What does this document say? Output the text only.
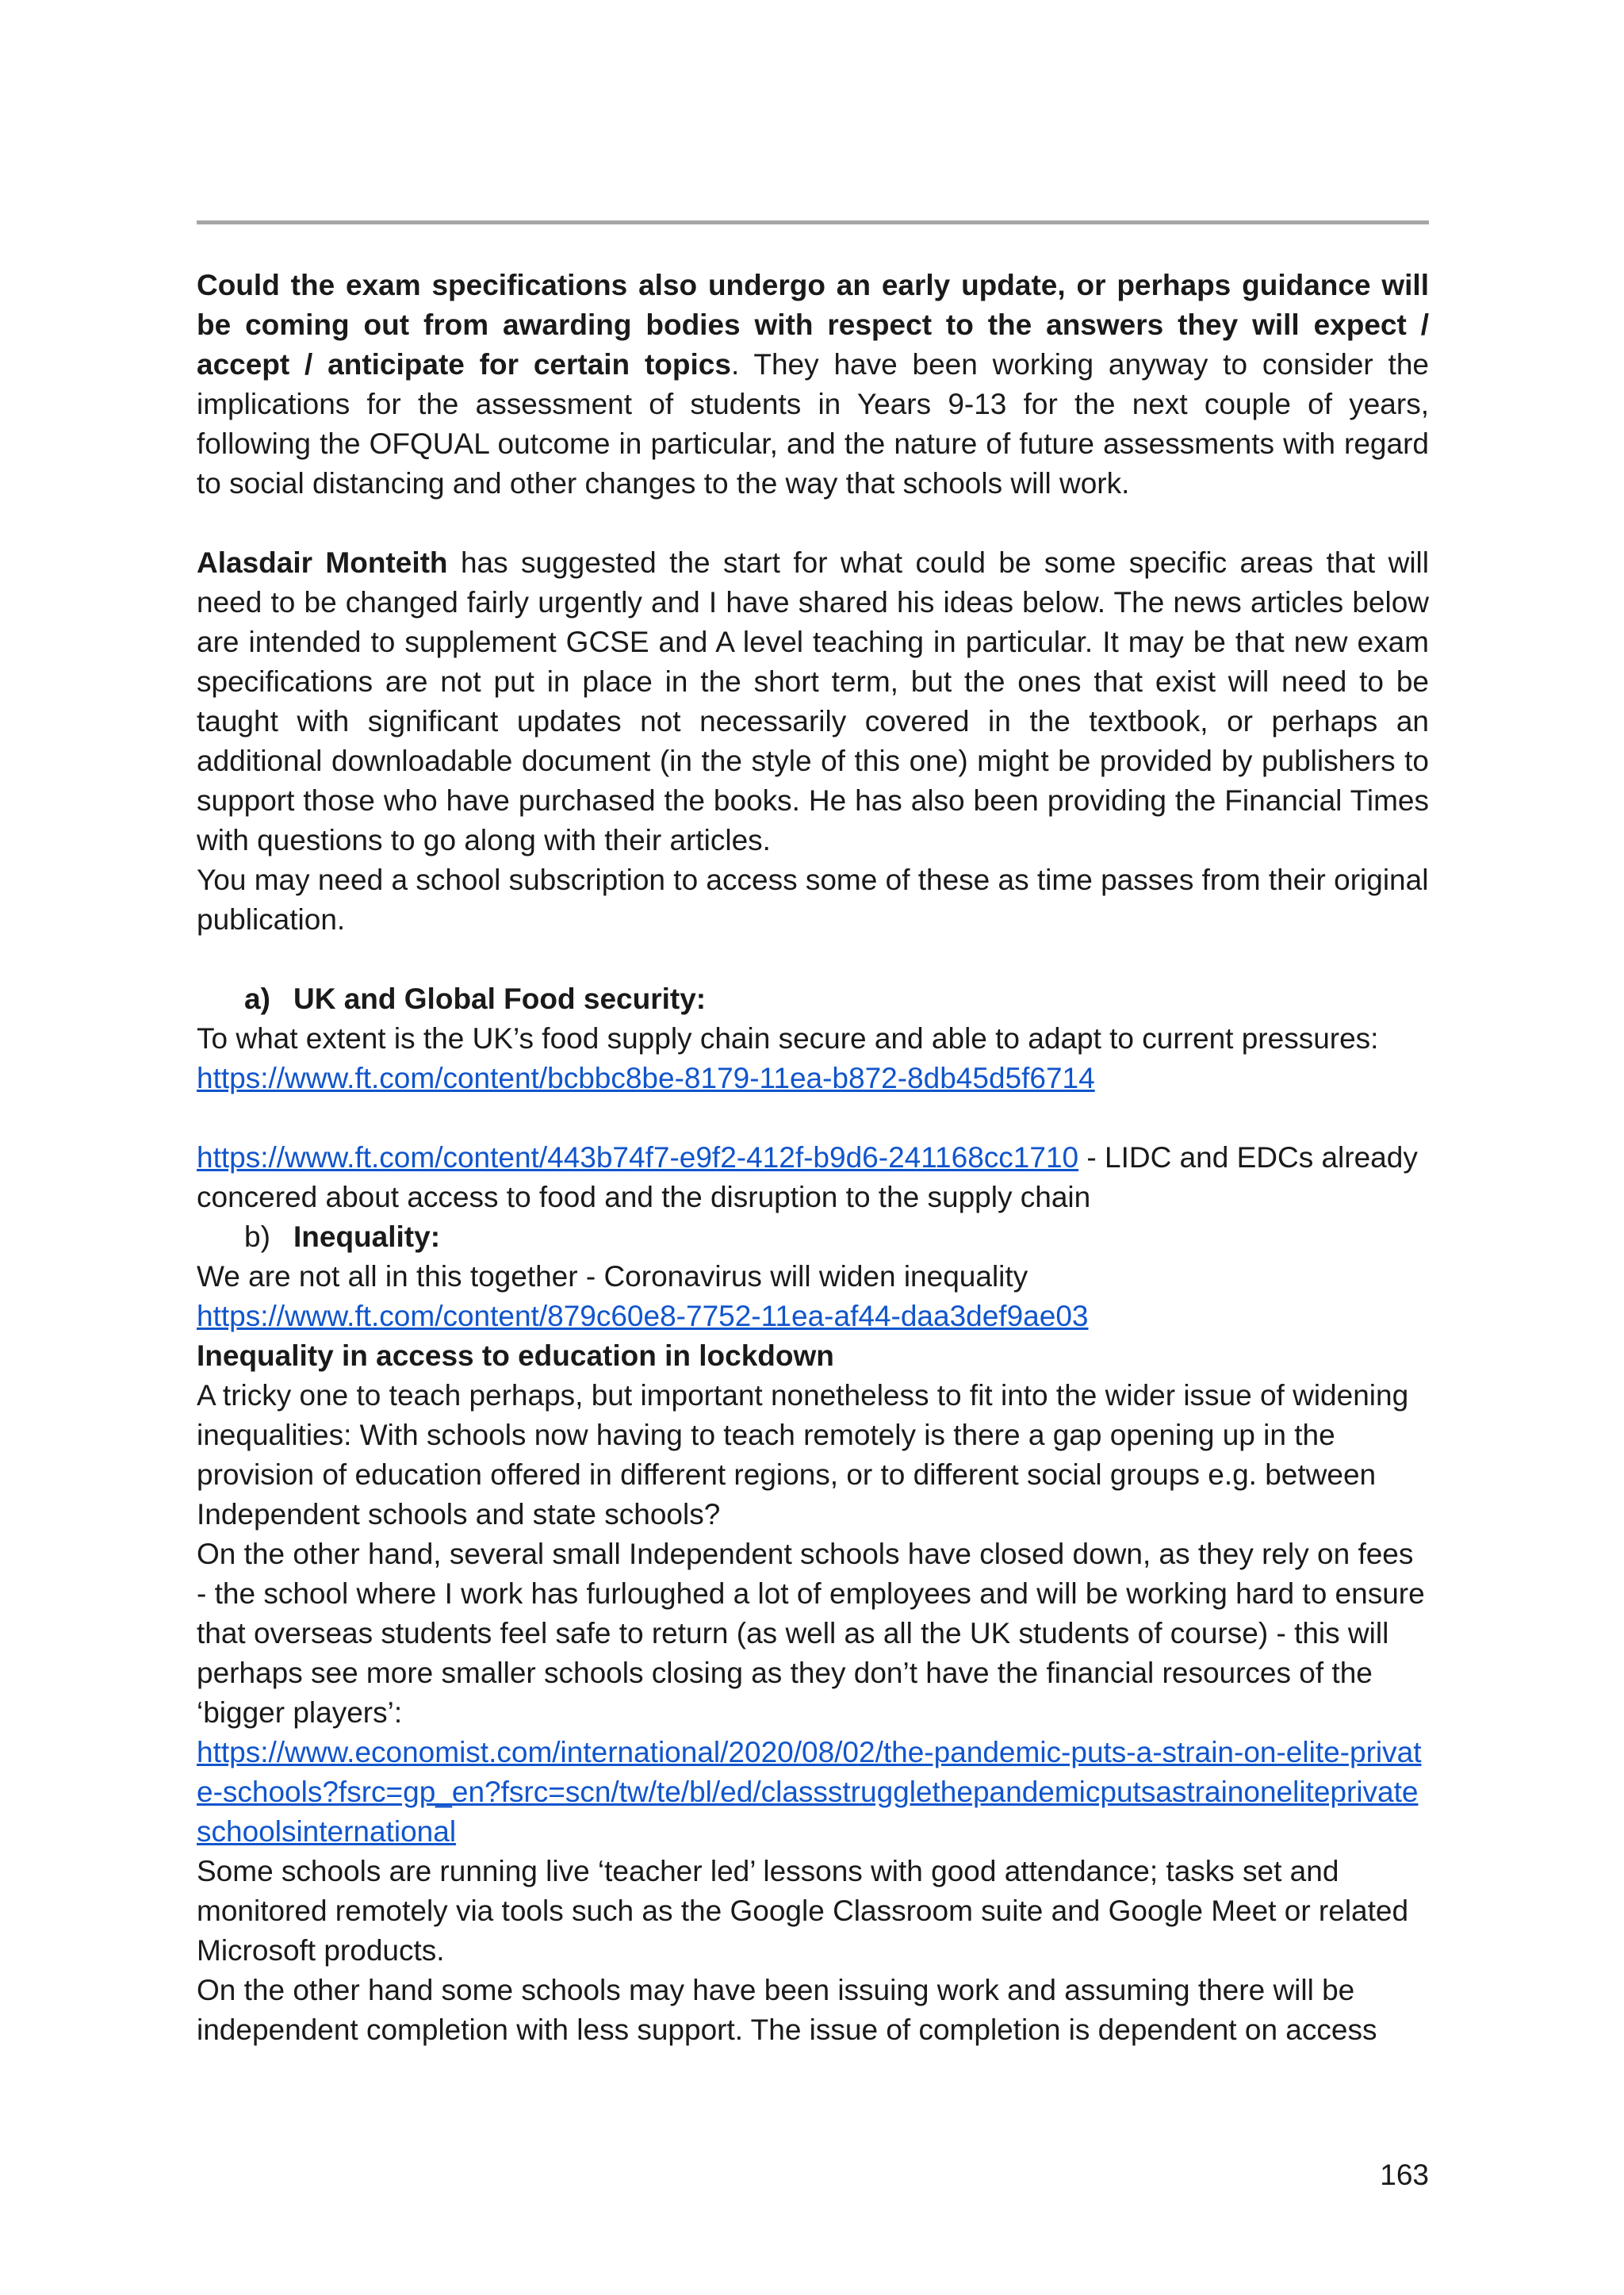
Could the exam specifications also undergo an early update, or perhaps guidance will be coming out from awarding bodies with respect to the answers they will expect / accept / anticipate for certain topics. They have been working anyway to consider the implications for the assessment of students in Years 9-13 for the next couple of years, following the OFQUAL outcome in particular, and the nature of future assessments with regard to social distancing and other changes to the way that schools will work.

Alasdair Monteith has suggested the start for what could be some specific areas that will need to be changed fairly urgently and I have shared his ideas below. The news articles below are intended to supplement GCSE and A level teaching in particular. It may be that new exam specifications are not put in place in the short term, but the ones that exist will need to be taught with significant updates not necessarily covered in the textbook, or perhaps an additional downloadable document (in the style of this one) might be provided by publishers to support those who have purchased the books. He has also been providing the Financial Times with questions to go along with their articles.

You may need a school subscription to access some of these as time passes from their original publication.

a) UK and Global Food security:

To what extent is the UK’s food supply chain secure and able to adapt to current pressures:

https://www.ft.com/content/bcbbc8be-8179-11ea-b872-8db45d5f6714

https://www.ft.com/content/443b74f7-e9f2-412f-b9d6-241168cc1710 - LIDC and EDCs already concered about access to food and the disruption to the supply chain

b) Inequality:

We are not all in this together - Coronavirus will widen inequality

https://www.ft.com/content/879c60e8-7752-11ea-af44-daa3def9ae03

Inequality in access to education in lockdown

A tricky one to teach perhaps, but important nonetheless to fit into the wider issue of widening inequalities: With schools now having to teach remotely is there a gap opening up in the provision of education offered in different regions, or to different social groups e.g. between Independent schools and state schools?

On the other hand, several small Independent schools have closed down, as they rely on fees - the school where I work has furloughed a lot of employees and will be working hard to ensure that overseas students feel safe to return (as well as all the UK students of course) - this will perhaps see more smaller schools closing as they don’t have the financial resources of the ‘bigger players’:

https://www.economist.com/international/2020/08/02/the-pandemic-puts-a-strain-on-elite-private-schools?fsrc=gp_en?fsrc=scn/tw/te/bl/ed/classstrugglethepandemicputsastrainonelitepriv‌ateschoolsinternational

Some schools are running live ‘teacher led’ lessons with good attendance; tasks set and monitored remotely via tools such as the Google Classroom suite and Google Meet or related Microsoft products.

On the other hand some schools may have been issuing work and assuming there will be independent completion with less support. The issue of completion is dependent on access

163
